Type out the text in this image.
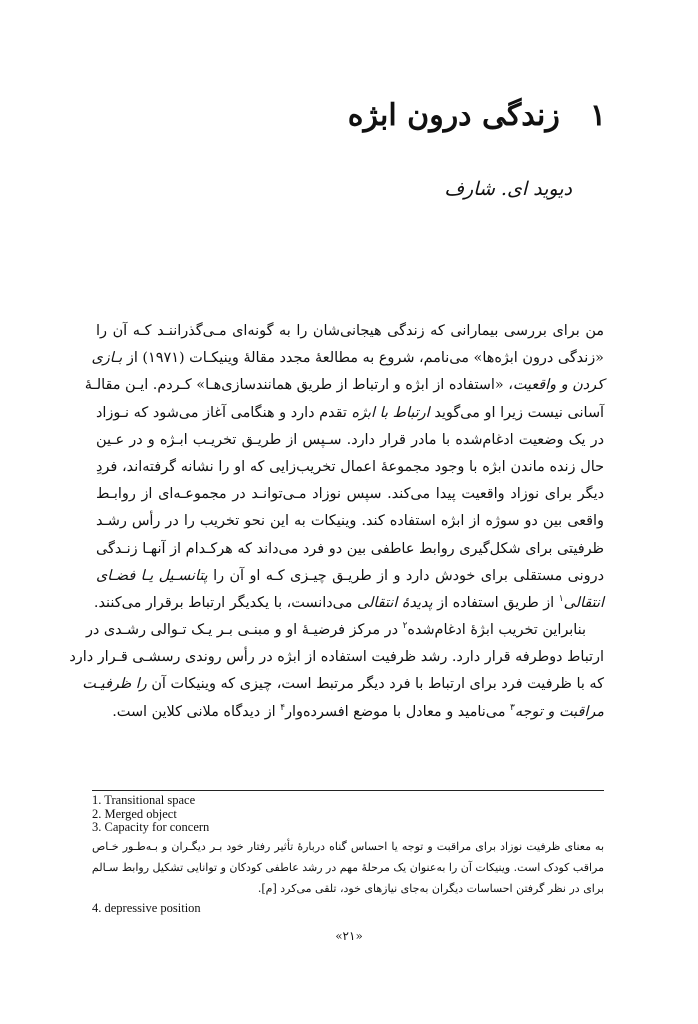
۱زندگی درون ابژه
دیوید ای. شارف
من برای بررسی بیمارانی که زندگی هیجانی‌شان را به گونه‌ای مـی‌گذراننـد کـه آن را
«زندگی درون ابژه‌ها» می‌نامم، شروع به مطالعهٔ مجدد مقالهٔ وینیکـات (۱۹۷۱) از بـازی
کردن و واقعیت، «استفاده از ابژه و ارتباط از طریق همانندسازی‌هـا» کـردم. ایـن مقالـهٔ
آسانی نیست زیرا او می‌گوید ارتباط با ابژه تقدم دارد و هنگامی آغاز می‌شود که نـوزاد
در یک وضعیت ادغام‌شده با مادر قرار دارد. سـپس از طریـق تخریـب ابـژه و در عـین
حال زنده ماندن ابژه با وجود مجموعهٔ اعمال تخریب‌زایی که او را نشانه گرفته‌اند، فردِ
دیگر برای نوزاد واقعیت پیدا می‌کند. سپس نوزاد مـی‌توانـد در مجموعـه‌ای از روابـط
واقعی بین دو سوژه از ابژه استفاده کند. وینیکات به این نحو تخریب را در رأس رشـد
ظرفیتی برای شکل‌گیری روابط عاطفی بین دو فرد می‌داند که هرکـدام از آنهـا زنـدگی
درونی مستقلی برای خودش دارد و از طریـق چیـزی کـه او آن را پتانسـیل یـا فضـای
انتقالی$^۱$ از طریق استفاده از پدیدهٔ انتقالی می‌دانست، با یکدیگر ارتباط برقرار می‌کنند.
بنابراین تخریب ابژهٔ ادغام‌شده$^۲$ در مرکز فرضیـهٔ او و مبنـی بـر یـک تـوالی رشـدی در
ارتباط دوطرفه قرار دارد. رشد ظرفیت استفاده از ابژه در رأس روندی رسشـی قـرار دارد
که با ظرفیت فرد برای ارتباط با فرد دیگر مرتبط است، چیزی که وینیکات آن را ظرفیـت
مراقبت و توجه$^۳$ می‌نامید و معادل با موضع افسرده‌وار$^۴$ از دیدگاه ملانی کلاین است.
1. Transitional space
2. Merged object
3. Capacity for concern
به معنای ظرفیت نوزاد برای مراقبت و توجه یا احساس گناه دربارهٔ تأثیر رفتار خود بـر دیگـران و بـه‌طـور خـاص
مراقب کودک است. وینیکات آن را به‌عنوان یک مرحلهٔ مهم در رشد عاطفی کودکان و توانایی تشکیل روابط سـالم
برای در نظر گرفتن احساسات دیگران به‌جای نیازهای خود، تلقی می‌کرد [م].
4. depressive position
«۲۱»
